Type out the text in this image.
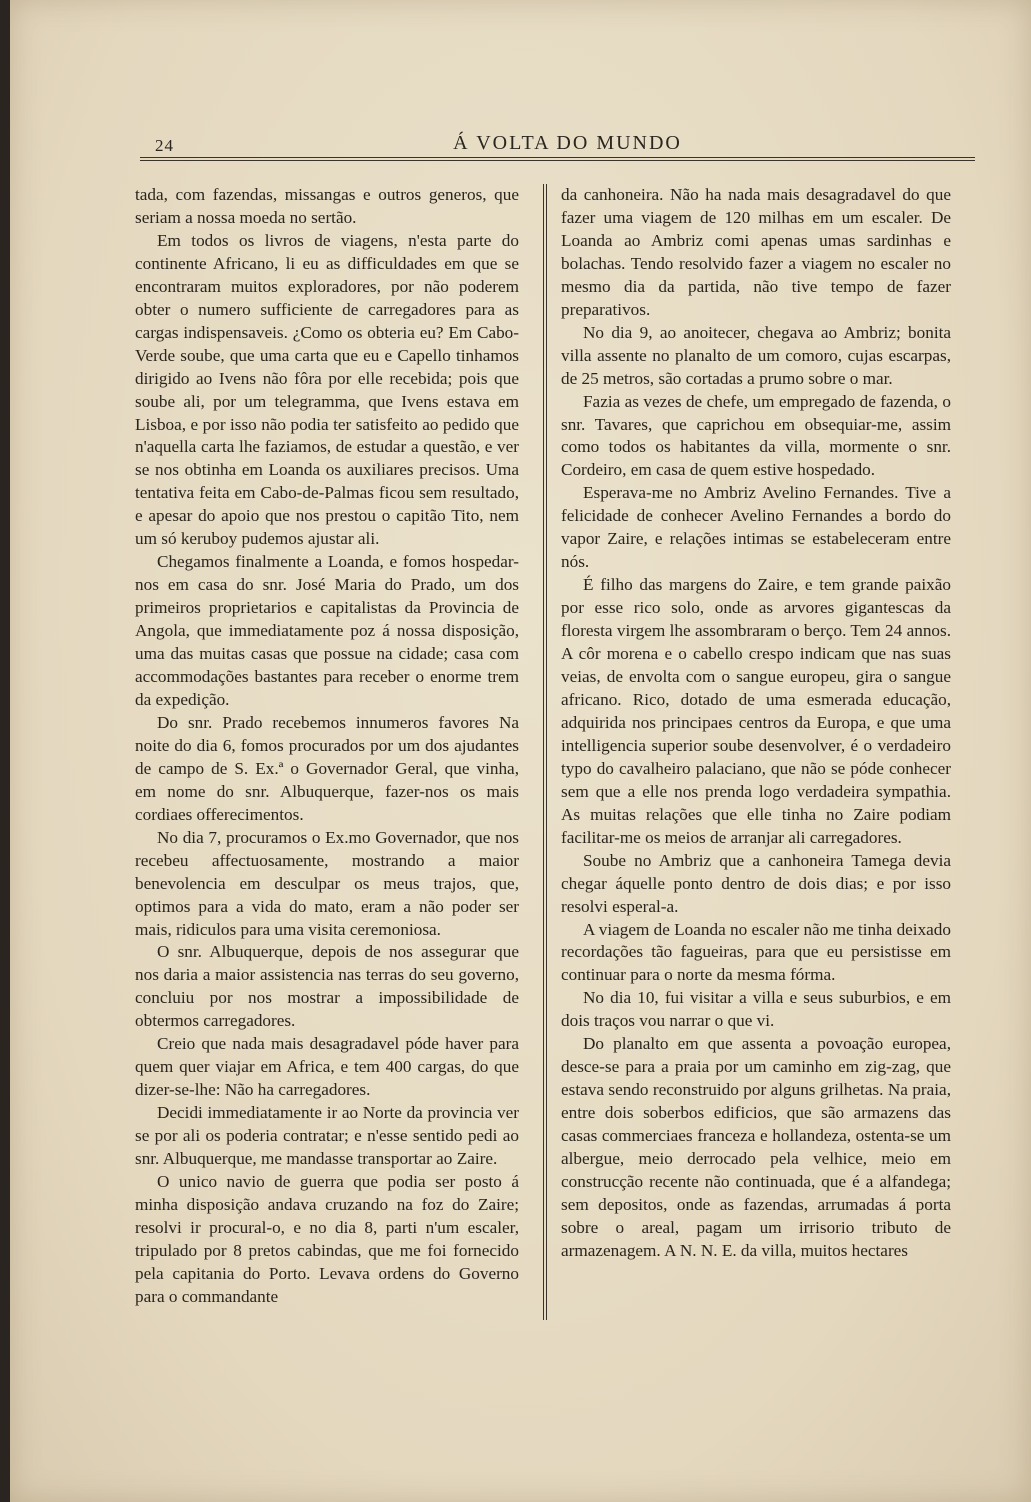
24	Á VOLTA DO MUNDO

tada, com fazendas, missangas e outros generos, que seriam a nossa moeda no sertão.

Em todos os livros de viagens, n'esta parte do continente Africano, li eu as difficuldades em que se encontraram muitos exploradores, por não poderem obter o numero sufficiente de carregadores para as cargas indispensaveis. ¿Como os obteria eu? Em Cabo-Verde soube, que uma carta que eu e Capello tinhamos dirigido ao Ivens não fôra por elle recebida; pois que soube ali, por um telegramma, que Ivens estava em Lisboa, e por isso não podia ter satisfeito ao pedido que n'aquella carta lhe faziamos, de estudar a questão, e ver se nos obtinha em Loanda os auxiliares precisos. Uma tentativa feita em Cabo-de-Palmas ficou sem resultado, e apesar do apoio que nos prestou o capitão Tito, nem um só keruboy pudemos ajustar ali.

Chegamos finalmente a Loanda, e fomos hospedar-nos em casa do snr. José Maria do Prado, um dos primeiros proprietarios e capitalistas da Provincia de Angola, que immediatamente poz á nossa disposição, uma das muitas casas que possue na cidade; casa com accommodações bastantes para receber o enorme trem da expedição.

Do snr. Prado recebemos innumeros favores Na noite do dia 6, fomos procurados por um dos ajudantes de campo de S. Ex.ª o Governador Geral, que vinha, em nome do snr. Albuquerque, fazer-nos os mais cordiaes offerecimentos.

No dia 7, procuramos o Ex.mo Governador, que nos recebeu affectuosamente, mostrando a maior benevolencia em desculpar os meus trajos, que, optimos para a vida do mato, eram a não poder ser mais, ridiculos para uma visita ceremoniosa.

O snr. Albuquerque, depois de nos assegurar que nos daria a maior assistencia nas terras do seu governo, concluiu por nos mostrar a impossibilidade de obtermos carregadores.

Creio que nada mais desagradavel póde haver para quem quer viajar em Africa, e tem 400 cargas, do que dizer-se-lhe: Não ha carregadores.

Decidi immediatamente ir ao Norte da provincia ver se por ali os poderia contratar; e n'esse sentido pedi ao snr. Albuquerque, me mandasse transportar ao Zaire.

O unico navio de guerra que podia ser posto á minha disposição andava cruzando na foz do Zaire; resolvi ir procural-o, e no dia 8, parti n'um escaler, tripulado por 8 pretos cabindas, que me foi fornecido pela capitania do Porto. Levava ordens do Governo para o commandante

da canhoneira. Não ha nada mais desagradavel do que fazer uma viagem de 120 milhas em um escaler. De Loanda ao Ambriz comi apenas umas sardinhas e bolachas. Tendo resolvido fazer a viagem no escaler no mesmo dia da partida, não tive tempo de fazer preparativos.

No dia 9, ao anoitecer, chegava ao Ambriz; bonita villa assente no planalto de um comoro, cujas escarpas, de 25 metros, são cortadas a prumo sobre o mar.

Fazia as vezes de chefe, um empregado de fazenda, o snr. Tavares, que caprichou em obsequiar-me, assim como todos os habitantes da villa, mormente o snr. Cordeiro, em casa de quem estive hospedado.

Esperava-me no Ambriz Avelino Fernandes. Tive a felicidade de conhecer Avelino Fernandes a bordo do vapor Zaire, e relações intimas se estabeleceram entre nós.

É filho das margens do Zaire, e tem grande paixão por esse rico solo, onde as arvores gigantescas da floresta virgem lhe assombraram o berço. Tem 24 annos. A côr morena e o cabello crespo indicam que nas suas veias, de envolta com o sangue europeu, gira o sangue africano. Rico, dotado de uma esmerada educação, adquirida nos principaes centros da Europa, e que uma intelligencia superior soube desenvolver, é o verdadeiro typo do cavalheiro palaciano, que não se póde conhecer sem que a elle nos prenda logo verdadeira sympathia. As muitas relações que elle tinha no Zaire podiam facilitar-me os meios de arranjar ali carregadores.

Soube no Ambriz que a canhoneira Tamega devia chegar áquelle ponto dentro de dois dias; e por isso resolvi esperal-a.

A viagem de Loanda no escaler não me tinha deixado recordações tão fagueiras, para que eu persistisse em continuar para o norte da mesma fórma.

No dia 10, fui visitar a villa e seus suburbios, e em dois traços vou narrar o que vi.

Do planalto em que assenta a povoação europea, desce-se para a praia por um caminho em zig-zag, que estava sendo reconstruido por alguns grilhetas. Na praia, entre dois soberbos edificios, que são armazens das casas commerciaes franceza e hollandeza, ostenta-se um albergue, meio derrocado pela velhice, meio em construcção recente não continuada, que é a alfandega; sem depositos, onde as fazendas, arrumadas á porta sobre o areal, pagam um irrisorio tributo de armazenagem. A N. N. E. da villa, muitos hectares
